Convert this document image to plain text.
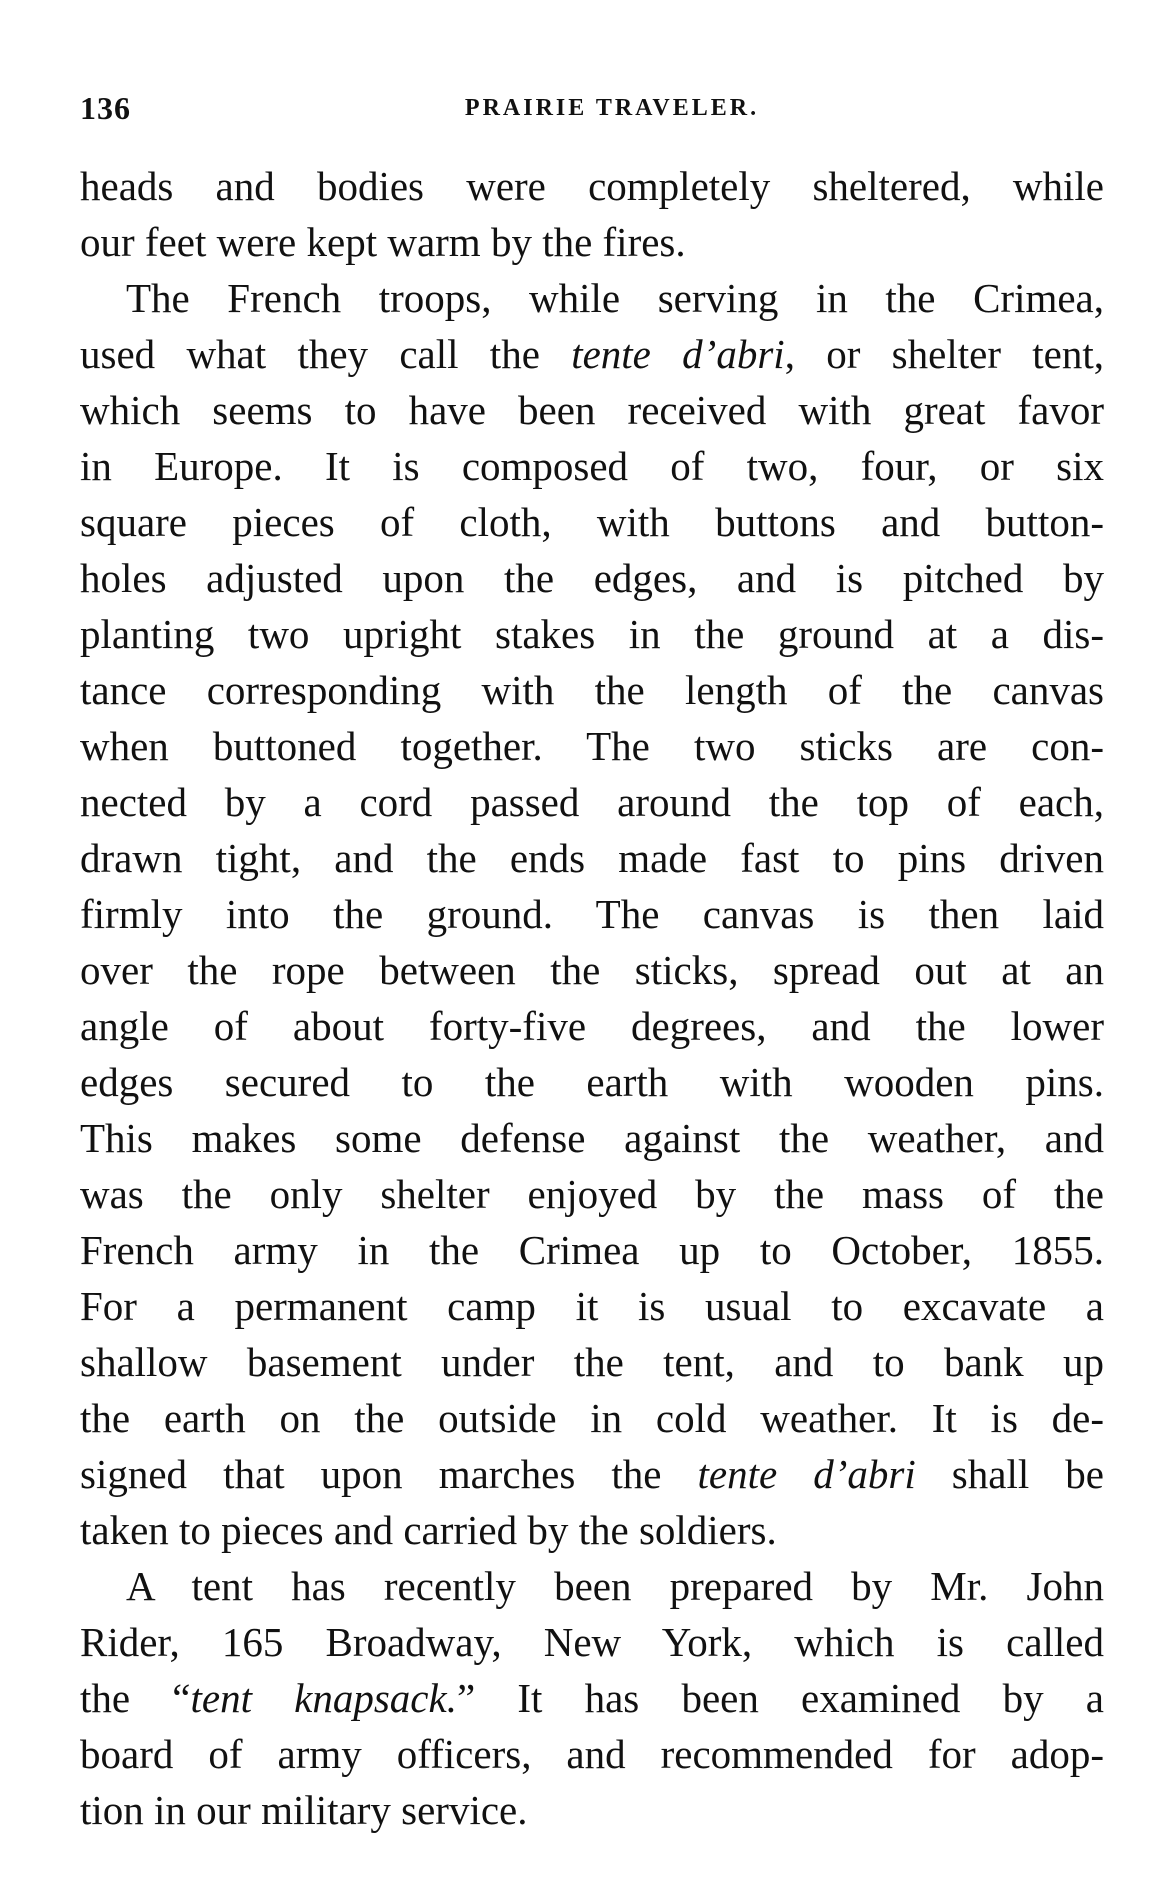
136	PRAIRIE TRAVELER.
heads and bodies were completely sheltered, while
our feet were kept warm by the fires.
The French troops, while serving in the Crimea,
used what they call the tente d’abri, or shelter tent,
which seems to have been received with great favor
in Europe. It is composed of two, four, or six
square pieces of cloth, with buttons and button-
holes adjusted upon the edges, and is pitched by
planting two upright stakes in the ground at a dis-
tance corresponding with the length of the canvas
when buttoned together. The two sticks are con-
nected by a cord passed around the top of each,
drawn tight, and the ends made fast to pins driven
firmly into the ground. The canvas is then laid
over the rope between the sticks, spread out at an
angle of about forty-five degrees, and the lower
edges secured to the earth with wooden pins.
This makes some defense against the weather, and
was the only shelter enjoyed by the mass of the
French army in the Crimea up to October, 1855.
For a permanent camp it is usual to excavate a
shallow basement under the tent, and to bank up
the earth on the outside in cold weather. It is de-
signed that upon marches the tente d’abri shall be
taken to pieces and carried by the soldiers.
A tent has recently been prepared by Mr. John
Rider, 165 Broadway, New York, which is called
the “tent knapsack.” It has been examined by a
board of army officers, and recommended for adop-
tion in our military service.
